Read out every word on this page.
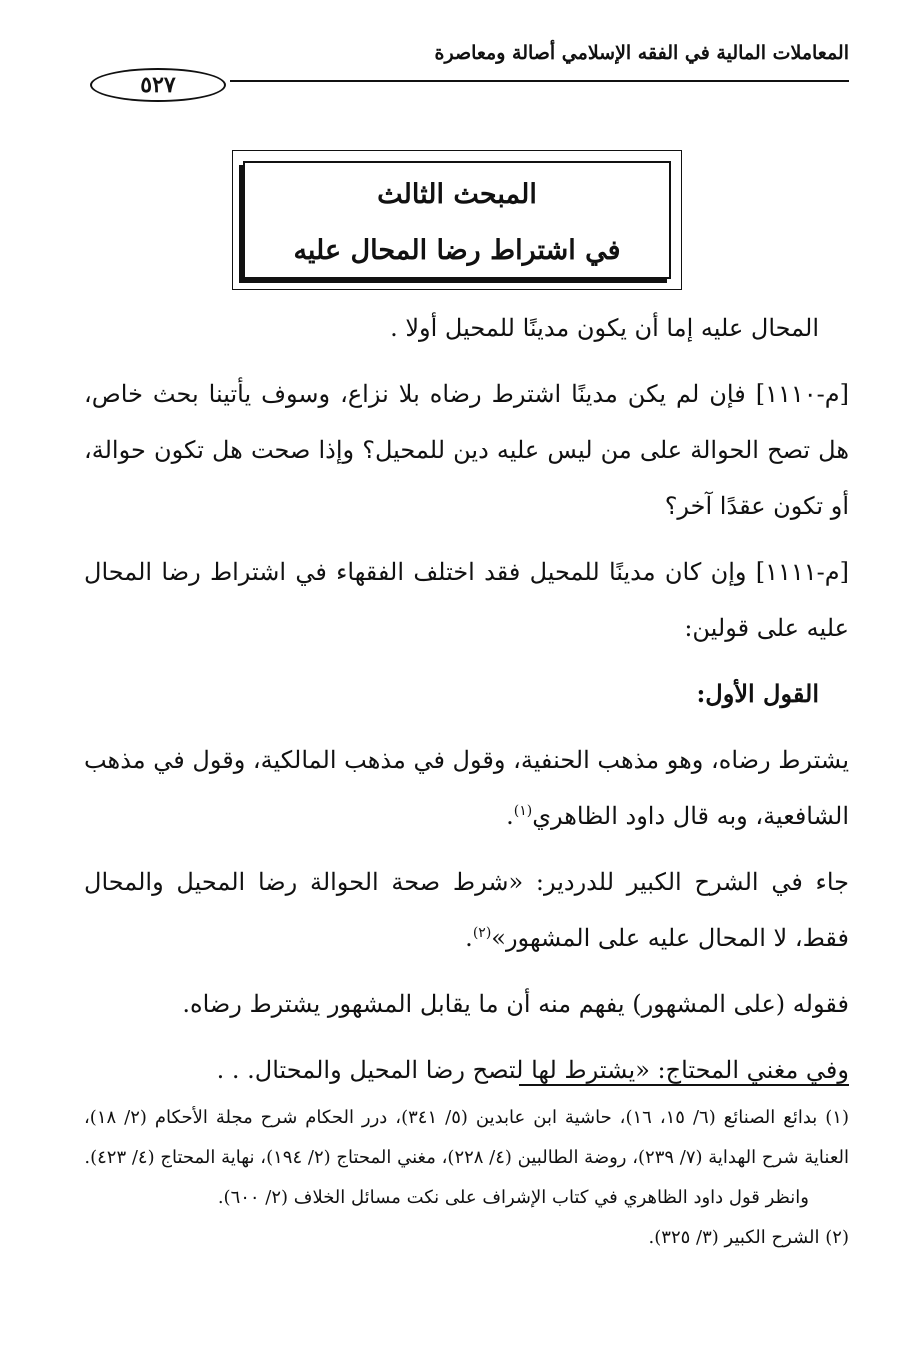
المعاملات المالية في الفقه الإسلامي أصالة ومعاصرة
٥٢٧
المبحث الثالث
في اشتراط رضا المحال عليه

المحال عليه إما أن يكون مدينًا للمحيل أولا .

[م-١١١٠] فإن لم يكن مدينًا اشترط رضاه بلا نزاع، وسوف يأتينا بحث خاص، هل تصح الحوالة على من ليس عليه دين للمحيل؟ وإذا صحت هل تكون حوالة، أو تكون عقدًا آخر؟

[م-١١١١] وإن كان مدينًا للمحيل فقد اختلف الفقهاء في اشتراط رضا المحال عليه على قولين:

القول الأول:

يشترط رضاه، وهو مذهب الحنفية، وقول في مذهب المالكية، وقول في مذهب الشافعية، وبه قال داود الظاهري$^{(١)}$.

جاء في الشرح الكبير للدردير: «شرط صحة الحوالة رضا المحيل والمحال فقط، لا المحال عليه على المشهور»$^{(٢)}$.

فقوله (على المشهور) يفهم منه أن ما يقابل المشهور يشترط رضاه.

وفي مغني المحتاج: «يشترط لها لتصح رضا المحيل والمحتال. . .

(١) بدائع الصنائع (٦/ ١٥، ١٦)، حاشية ابن عابدين (٥/ ٣٤١)، درر الحكام شرح مجلة الأحكام (٢/ ١٨)، العناية شرح الهداية (٧/ ٢٣٩)، روضة الطالبين (٤/ ٢٢٨)، مغني المحتاج (٢/ ١٩٤)، نهاية المحتاج (٤/ ٤٢٣).

وانظر قول داود الظاهري في كتاب الإشراف على نكت مسائل الخلاف (٢/ ٦٠٠).

(٢) الشرح الكبير (٣/ ٣٢٥).
